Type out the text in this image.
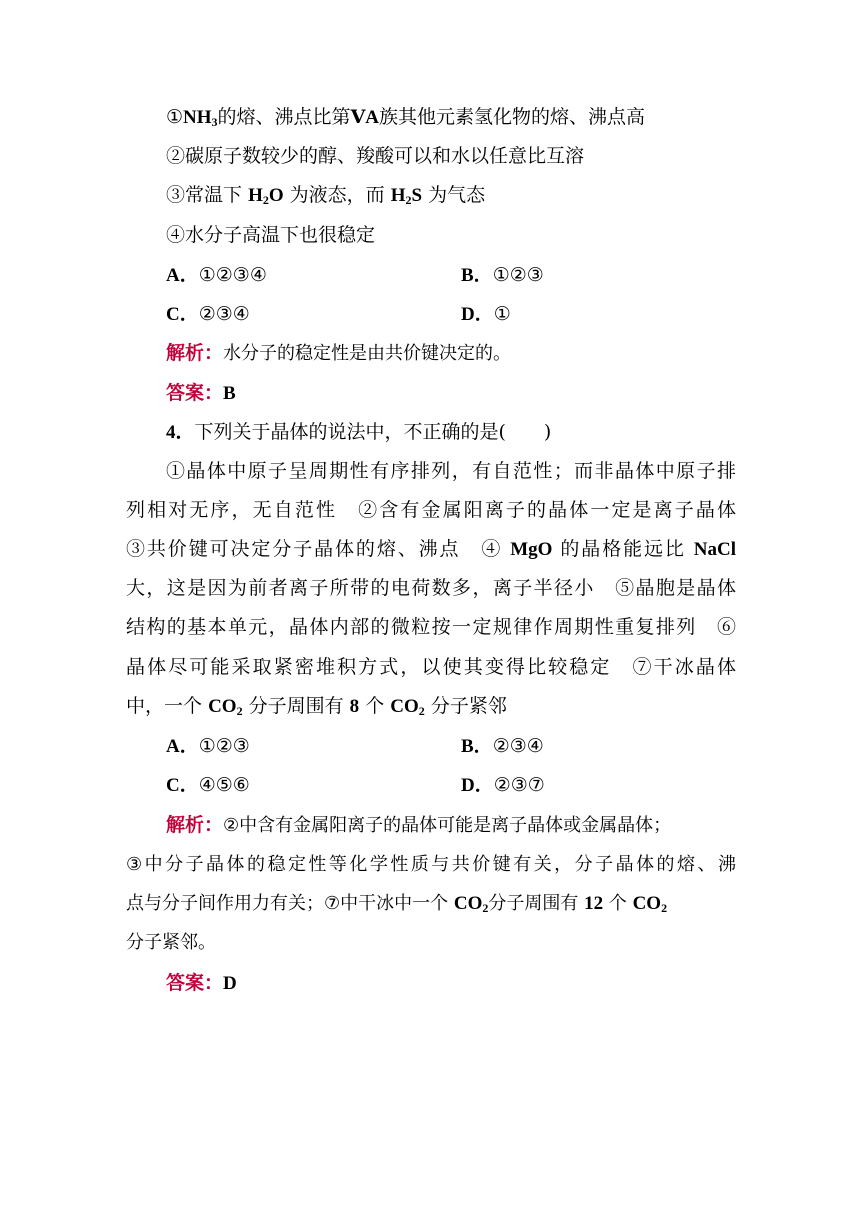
$①NH_3$的熔、沸点比第ⅤA族其他元素氢化物的熔、沸点高
②碳原子数较少的醇、羧酸可以和水以任意比互溶
③常温下 $H_2O$ 为液态，而 $H_2S$ 为气态
④水分子高温下也很稳定
A．①②③④	B．①②③
C．②③④	D．①
解析：水分子的稳定性是由共价键决定的。
答案：B
4．下列关于晶体的说法中，不正确的是(　　)
①晶体中原子呈周期性有序排列，有自范性；而非晶体中原子排
列相对无序，无自范性　②含有金属阳离子的晶体一定是离子晶体
③共价键可决定分子晶体的熔、沸点　④ MgO 的晶格能远比 NaCl
大，这是因为前者离子所带的电荷数多，离子半径小　⑤晶胞是晶体
结构的基本单元，晶体内部的微粒按一定规律作周期性重复排列　⑥
晶体尽可能采取紧密堆积方式，以使其变得比较稳定　⑦干冰晶体
中，一个 $CO_2$ 分子周围有 8 个 $CO_2$ 分子紧邻
A．①②③	B．②③④
C．④⑤⑥	D．②③⑦
解析：②中含有金属阳离子的晶体可能是离子晶体或金属晶体；
③中分子晶体的稳定性等化学性质与共价键有关，分子晶体的熔、沸
点与分子间作用力有关；⑦中干冰中一个 $CO_2$分子周围有 12 个 $CO_2$
分子紧邻。
答案：D
